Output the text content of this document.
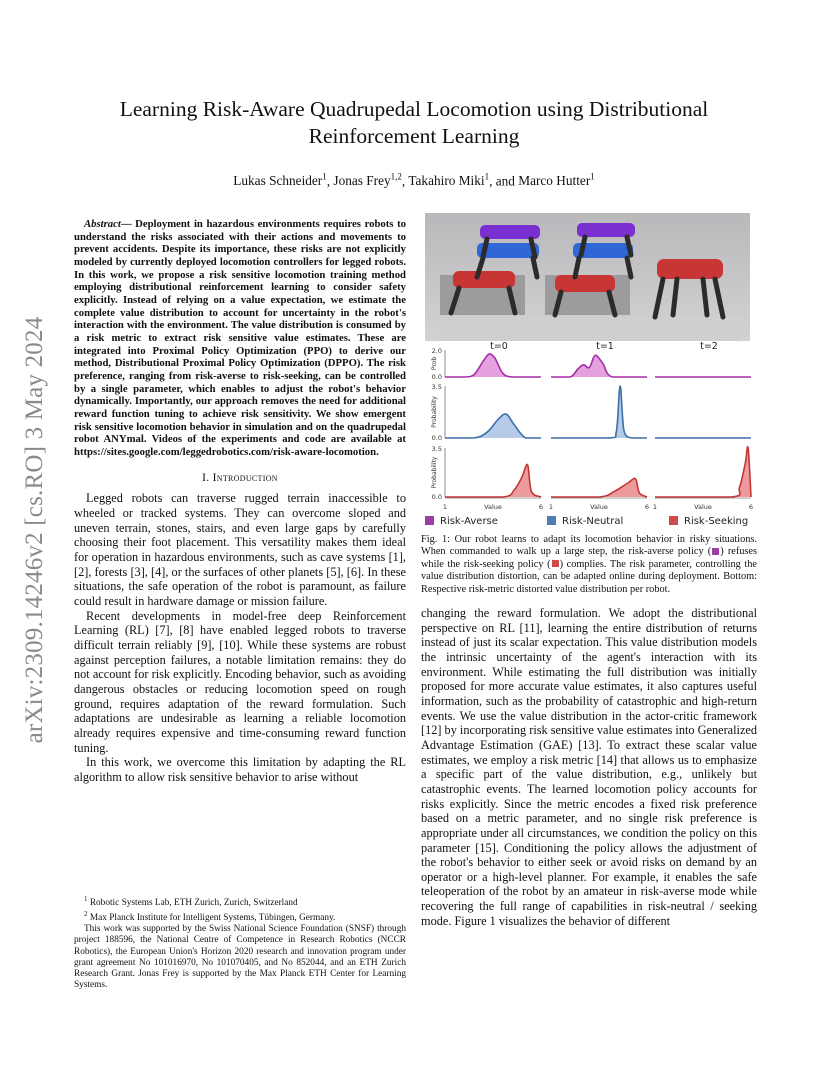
arXiv:2309.14246v2 [cs.RO] 3 May 2024
Learning Risk-Aware Quadrupedal Locomotion using Distributional
Reinforcement Learning
Lukas Schneider$^1$, Jonas Frey$^{1,2}$, Takahiro Miki$^1$, and Marco Hutter$^1$

Abstract— Deployment in hazardous environments requires robots to understand the risks associated with their actions and movements to prevent accidents. Despite its importance, these risks are not explicitly modeled by currently deployed locomotion controllers for legged robots. In this work, we propose a risk sensitive locomotion training method employing distributional reinforcement learning to consider safety explicitly. Instead of relying on a value expectation, we estimate the complete value distribution to account for uncertainty in the robot's interaction with the environment. The value distribution is consumed by a risk metric to extract risk sensitive value estimates. These are integrated into Proximal Policy Optimization (PPO) to derive our method, Distributional Proximal Policy Optimization (DPPO). The risk preference, ranging from risk-averse to risk-seeking, can be controlled by a single parameter, which enables to adjust the robot's behavior dynamically. Importantly, our approach removes the need for additional reward function tuning to achieve risk sensitivity. We show emergent risk sensitive locomotion behavior in simulation and on the quadrupedal robot ANYmal. Videos of the experiments and code are available at https://sites.google.com/leggedrobotics.com/risk-aware-locomotion.

I. Introduction

Legged robots can traverse rugged terrain inaccessible to wheeled or tracked systems. They can overcome sloped and uneven terrain, stones, stairs, and even large gaps by carefully choosing their foot placement. This versatility makes them ideal for operation in hazardous environments, such as cave systems [1], [2], forests [3], [4], or the surfaces of other planets [5], [6]. In these situations, the safe operation of the robot is paramount, as failure could result in hardware damage or mission failure.

Recent developments in model-free deep Reinforcement Learning (RL) [7], [8] have enabled legged robots to traverse difficult terrain reliably [9], [10]. While these systems are robust against perception failures, a notable limitation remains: they do not account for risk explicitly. Encoding behavior, such as avoiding dangerous obstacles or reducing locomotion speed on rough ground, requires adaptation of the reward formulation. Such adaptations are undesirable as learning a reliable locomotion already requires expensive and time-consuming reward function tuning.

In this work, we overcome this limitation by adapting the RL algorithm to allow risk sensitive behavior to arise without

$^1$ Robotic Systems Lab, ETH Zurich, Zurich, Switzerland

$^2$ Max Planck Institute for Intelligent Systems, Tübingen, Germany.

This work was supported by the Swiss National Science Foundation (SNSF) through project 188596, the National Centre of Competence in Research Robotics (NCCR Robotics), the European Union's Horizon 2020 research and innovation program under grant agreement No 101016970, No 101070405, and No 852044, and an ETH Zurich Research Grant. Jonas Frey is supported by the Max Planck ETH Center for Learning Systems.

t=0	t=1	t=2
2.0
0.0
Prob
3.5
0.0
Probability
3.5
0.0
Probability
1	6
Value	1	6
Value	1	6
Value
Risk-Averse	Risk-Neutral	Risk-Seeking

Fig. 1: Our robot learns to adapt its locomotion behavior in risky situations. When commanded to walk up a large step, the risk-averse policy ( ) refuses while the risk-seeking policy ( ) complies. The risk parameter, controlling the value distribution distortion, can be adapted online during deployment. Bottom: Respective risk-metric distorted value distribution per robot.

changing the reward formulation. We adopt the distributional perspective on RL [11], learning the entire distribution of returns instead of just its scalar expectation. This value distribution models the intrinsic uncertainty of the agent's interaction with its environment. While estimating the full distribution was initially proposed for more accurate value estimates, it also captures useful information, such as the probability of catastrophic and high-return events. We use the value distribution in the actor-critic framework [12] by incorporating risk sensitive value estimates into Generalized Advantage Estimation (GAE) [13]. To extract these scalar value estimates, we employ a risk metric [14] that allows us to emphasize a specific part of the value distribution, e.g., unlikely but catastrophic events. The learned locomotion policy accounts for risks explicitly. Since the metric encodes a fixed risk preference based on a metric parameter, and no single risk preference is appropriate under all circumstances, we condition the policy on this parameter [15]. Conditioning the policy allows the adjustment of the robot's behavior to either seek or avoid risks on demand by an operator or a high-level planner. For example, it enables the safe teleoperation of the robot by an amateur in risk-averse mode while recovering the full range of capabilities in risk-neutral / seeking mode. Figure 1 visualizes the behavior of different
